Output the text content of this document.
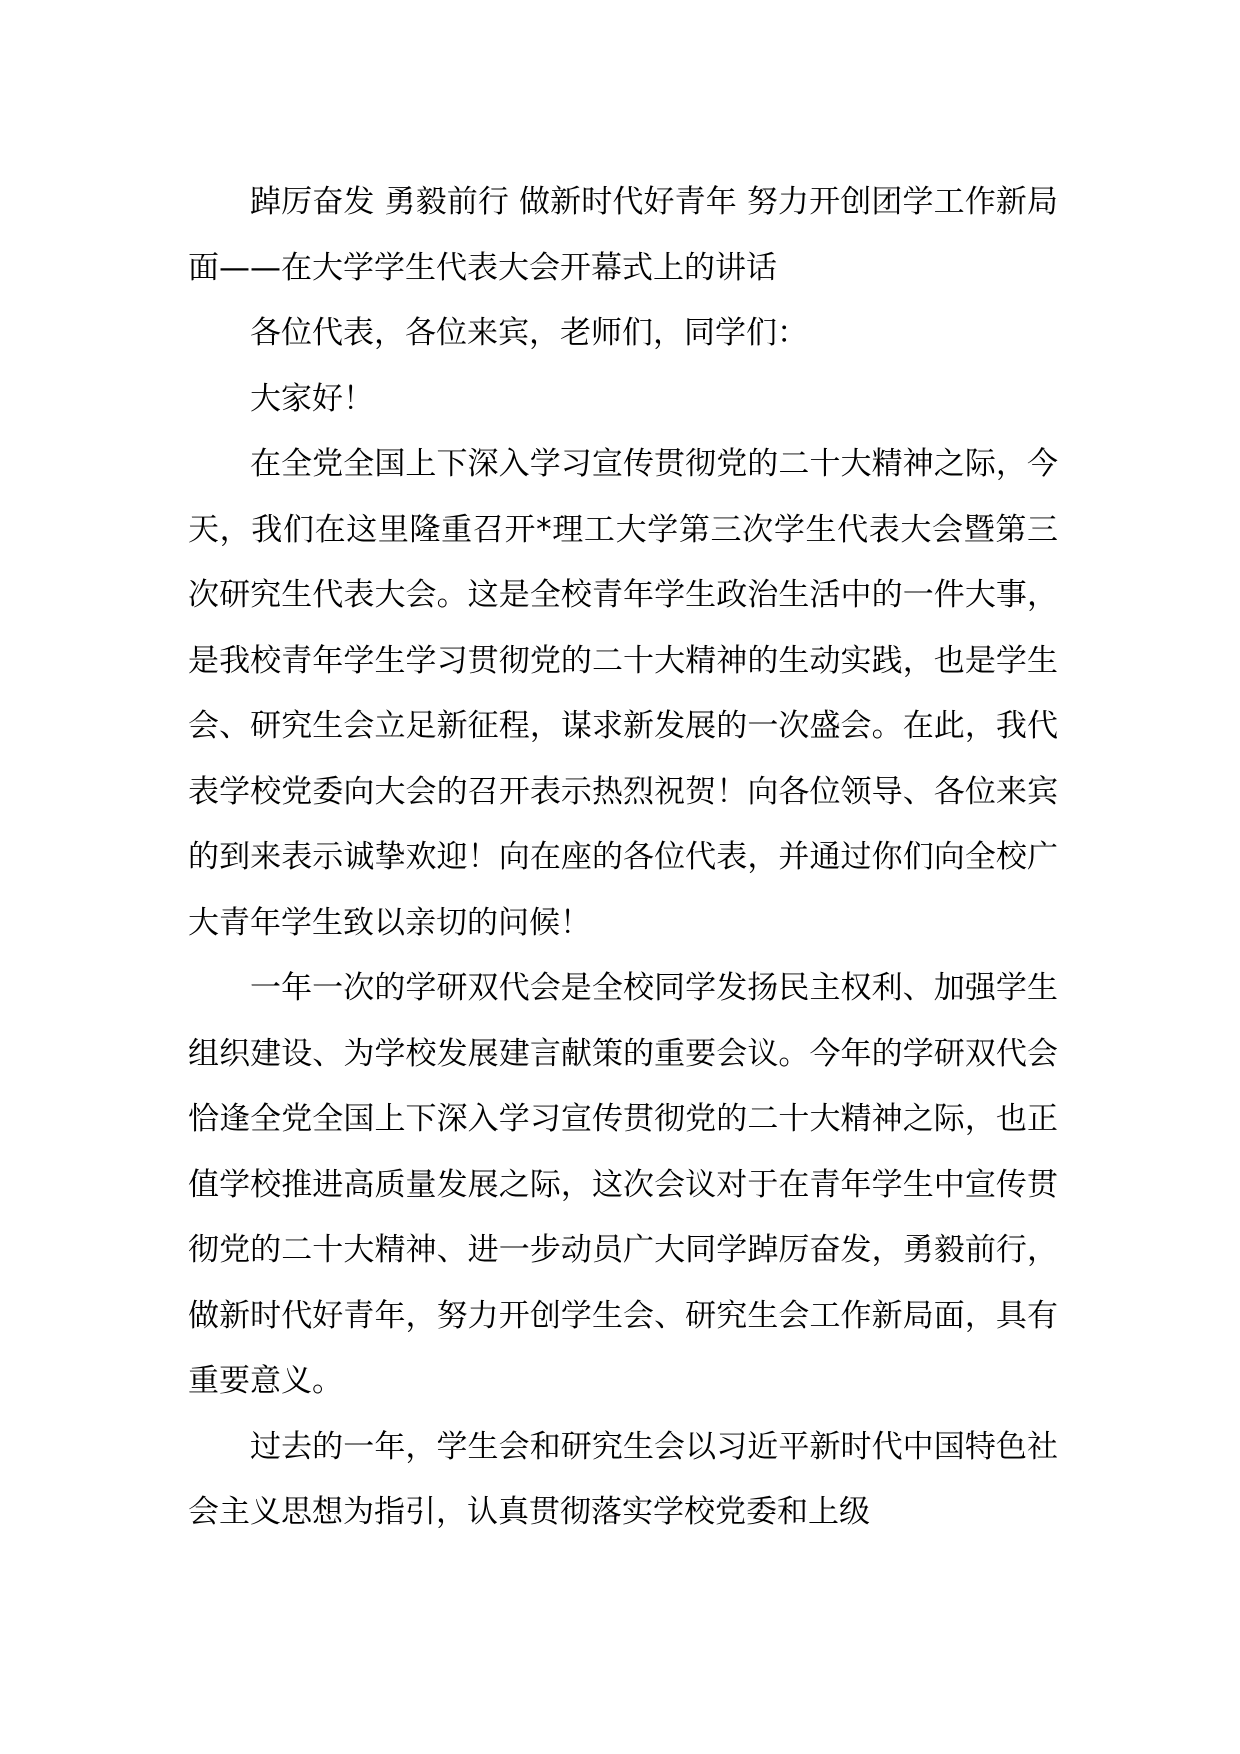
踔厉奋发 勇毅前行 做新时代好青年 努力开创团学工作新局面——在大学学生代表大会开幕式上的讲话

各位代表，各位来宾，老师们，同学们：

大家好！

在全党全国上下深入学习宣传贯彻党的二十大精神之际，今天，我们在这里隆重召开*理工大学第三次学生代表大会暨第三次研究生代表大会。这是全校青年学生政治生活中的一件大事，是我校青年学生学习贯彻党的二十大精神的生动实践，也是学生会、研究生会立足新征程，谋求新发展的一次盛会。在此，我代表学校党委向大会的召开表示热烈祝贺！向各位领导、各位来宾的到来表示诚挚欢迎！向在座的各位代表，并通过你们向全校广大青年学生致以亲切的问候！

一年一次的学研双代会是全校同学发扬民主权利、加强学生组织建设、为学校发展建言献策的重要会议。今年的学研双代会恰逢全党全国上下深入学习宣传贯彻党的二十大精神之际，也正值学校推进高质量发展之际，这次会议对于在青年学生中宣传贯彻党的二十大精神、进一步动员广大同学踔厉奋发，勇毅前行，做新时代好青年，努力开创学生会、研究生会工作新局面，具有重要意义。

过去的一年，学生会和研究生会以习近平新时代中国特色社会主义思想为指引，认真贯彻落实学校党委和上级
